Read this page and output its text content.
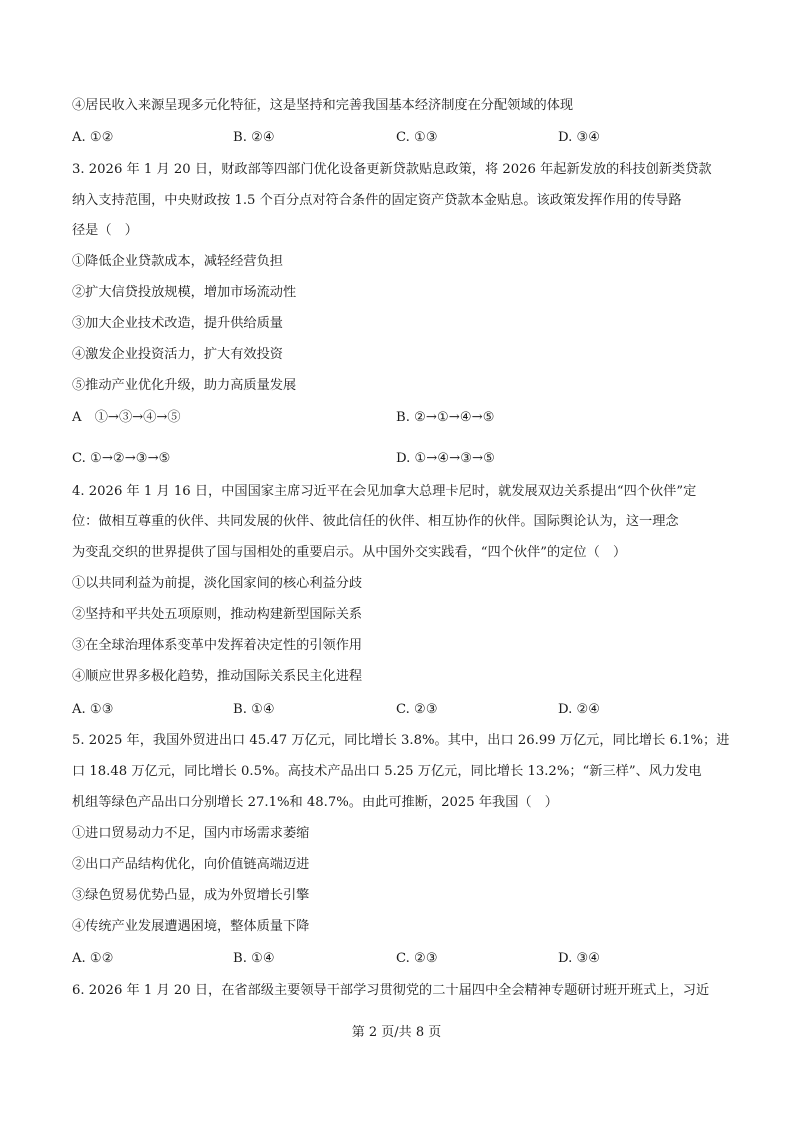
④居民收入来源呈现多元化特征，这是坚持和完善我国基本经济制度在分配领域的体现
A. ①②	B. ②④	C. ①③	D. ③④
3. 2026 年 1 月 20 日，财政部等四部门优化设备更新贷款贴息政策，将 2026 年起新发放的科技创新类贷款
纳入支持范围，中央财政按 1.5 个百分点对符合条件的固定资产贷款本金贴息。该政策发挥作用的传导路
径是（　）
①降低企业贷款成本，减轻经营负担
②扩大信贷投放规模，增加市场流动性
③加大企业技术改造，提升供给质量
④激发企业投资活力，扩大有效投资
⑤推动产业优化升级，助力高质量发展
A　①→③→④→⑤	B. ②→①→④→⑤
C. ①→②→③→⑤	D. ①→④→③→⑤
4. 2026 年 1 月 16 日，中国国家主席习近平在会见加拿大总理卡尼时，就发展双边关系提出“四个伙伴”定
位：做相互尊重的伙伴、共同发展的伙伴、彼此信任的伙伴、相互协作的伙伴。国际舆论认为，这一理念
为变乱交织的世界提供了国与国相处的重要启示。从中国外交实践看，“四个伙伴”的定位（　）
①以共同利益为前提，淡化国家间的核心利益分歧
②坚持和平共处五项原则，推动构建新型国际关系
③在全球治理体系变革中发挥着决定性的引领作用
④顺应世界多极化趋势，推动国际关系民主化进程
A. ①③	B. ①④	C. ②③	D. ②④
5. 2025 年，我国外贸进出口 45.47 万亿元，同比增长 3.8%。其中，出口 26.99 万亿元，同比增长 6.1%；进
口 18.48 万亿元，同比增长 0.5%。高技术产品出口 5.25 万亿元，同比增长 13.2%；“新三样”、风力发电
机组等绿色产品出口分别增长 27.1%和 48.7%。由此可推断，2025 年我国（　）
①进口贸易动力不足，国内市场需求萎缩
②出口产品结构优化，向价值链高端迈进
③绿色贸易优势凸显，成为外贸增长引擎
④传统产业发展遭遇困境，整体质量下降
A. ①②	B. ①④	C. ②③	D. ③④
6. 2026 年 1 月 20 日，在省部级主要领导干部学习贯彻党的二十届四中全会精神专题研讨班开班式上，习近
第 2 页/共 8 页
